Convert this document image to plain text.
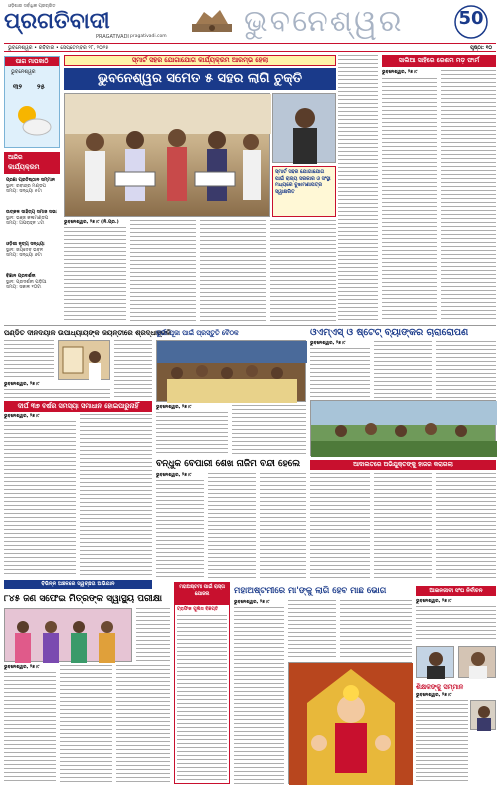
ଓଡ଼ିଶାର ସର୍ବାଧିକ ପ୍ରଚାରିତ
ପ୍ରଗତିବାଦୀ
PRAGATIVADI pragativadi.com	ଭୁବନେଶ୍ୱର	50
ଭୁବନେଶ୍ୱର • ରବିବାର • ସେପ୍ଟେମ୍ବର ୨୮, ୨୦୨୫	ପୃଷ୍ଠା: ୧୦
ପାଗ ମାପକାଠି
ଭୁବନେଶ୍ୱର
୩୨ ୨୫
ଆଜିର
କାର୍ଯ୍ୟକ୍ରମ
ପ୍ରଜ୍ଞା ପ୍ରତିଷ୍ଠାନ ସମ୍ମାନ
ସ୍ଥାନ: ରବୀନ୍ଦ୍ର ମଣ୍ଡପ
ସମୟ: ସନ୍ଧ୍ୟା ୫ଟା
ଉତ୍କଳ ସାହିତ୍ୟ ସମାଜ ସଭା
ସ୍ଥାନ: ଭଞ୍ଜ କଳାମଣ୍ଡପ
ସମୟ: ଅପରାହ୍ନ ୪ଟା
ଓଡ଼ିଶୀ ନୃତ୍ୟ ସନ୍ଧ୍ୟା
ସ୍ଥାନ: ଜୟଦେବ ଭବନ
ସମୟ: ସନ୍ଧ୍ୟା ୬ଟା
ବିଜ୍ଞାନ ପ୍ରଦର୍ଶନୀ
ସ୍ଥାନ: ପ୍ରଦର୍ଶନୀ ପଡ଼ିଆ
ସମୟ: ସକାଳ ୧୦ଟା
ସ୍ମାର୍ଟ ସହର ଯୋଗାଯୋଗ କାର୍ଯ୍ୟକ୍ରମ ଆରମ୍ଭ ହେଲା
ଭୁବନେଶ୍ୱର ସମେତ ୫ ସହର ଲାଗି ଚୁକ୍ତି
ସ୍ମାର୍ଟ ସହର ଯୋଗାଯୋଗ ପାଇଁ ରାଜ୍ୟ ସରକାର ଓ ସଂସ୍ଥା ମଧ୍ୟରେ ବୁଝାମଣାପତ୍ର ସ୍ୱାକ୍ଷରିତ
ଭୁବନେଶ୍ୱର, ୨୭।୯ (ନି.ପ୍ର.)
ସାଲିଆ ସାହିରେ ରେଶମ ମଡ଼ ଫାର୍ମ
ଭୁବନେଶ୍ୱର, ୨୭।୯
ପଣ୍ଡିତ ଦୀନଦୟାଳ ଉପାଧ୍ୟାୟଙ୍କ ଜୟନ୍ତୀରେ ଶ୍ରଦ୍ଧାଞ୍ଜଳି
ଭୁବନେଶ୍ୱର, ୨୭।୯
ଦୀର୍ଘ ୩୭ ବର୍ଷର ସମସ୍ୟା ସମାଧାନ ହୋଇପାରୁନାହିଁ
ଭୁବନେଶ୍ୱର, ୨୭।୯
ଦୁର୍ଗା ପୂଜା ପାଇଁ ପ୍ରସ୍ତୁତି ବୈଠକ
ଭୁବନେଶ୍ୱର, ୨୭।୯
ଓଏମ୍‌ଏସ୍ ଓ ଷ୍ଟେଟ୍ ବ୍ୟାଙ୍କର ଚାରାରୋପଣ
ଭୁବନେଶ୍ୱର, ୨୭।୯
ବନ୍ଧୁକ ବେପାରୀ ଶେଖ ନାଜିମ ବନ୍ଦୀ ହେଲେ
ଭୁବନେଶ୍ୱର, ୨୭।୯
ଆଦାଲତରେ ଅଭିଯୁକ୍ତଙ୍କୁ ହାଜର କରାଗଲା
ବିଭିନ୍ନ ଅଞ୍ଚଳରେ ସ୍ୱଚ୍ଛତା ଅଭିଯାନ
୮୪୫ ଜଣ ସଫେଇ ମିତ୍ରଙ୍କ ସ୍ୱାସ୍ଥ୍ୟ ପରୀକ୍ଷା
ଭୁବନେଶ୍ୱର, ୨୭।୯
ମହାଅଷ୍ଟମୀ ପାଇଁ ରାସ୍ତା ଯୋଜନା
ଟ୍ରାଫିକ ପୁଲିସ ବିଜ୍ଞପ୍ତି
ମହାଅଷ୍ଟମୀରେ ମା'ଙ୍କୁ ଲାଗି ହେବ ମାଛ ଭୋଗ
ଭୁବନେଶ୍ୱର, ୨୭।୯
ଆଇନଜୀବୀ ସଂଘ ନିର୍ବାଚନ
ଭୁବନେଶ୍ୱର, ୨୭।୯
ଶିକ୍ଷକଙ୍କୁ ସମ୍ମାନ
ଭୁବନେଶ୍ୱର, ୨୭।୯
